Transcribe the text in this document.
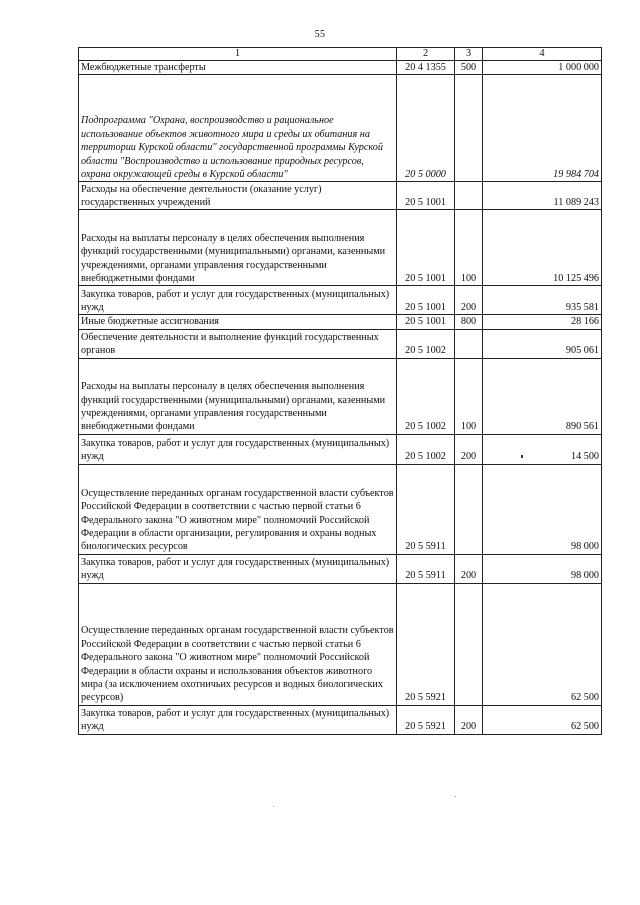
55
1	2	3	4
Межбюджетные трансферты	20 4 1355	500	1 000 000
Подпрограмма "Охрана, воспроизводство и рациональное использование объектов животного мира и среды их обитания на территории Курской области" государственной программы Курской области "Воспроизводство и использование природных ресурсов, охрана окружающей среды в Курской области"	20 5 0000		19 984 704
Расходы на обеспечение деятельности (оказание услуг) государственных учреждений	20 5 1001		11 089 243
Расходы на выплаты персоналу в целях обеспечения выполнения функций государственными (муниципальными) органами, казенными учреждениями, органами управления государственными внебюджетными фондами	20 5 1001	100	10 125 496
Закупка товаров, работ и услуг для государственных (муниципальных) нужд	20 5 1001	200	935 581
Иные бюджетные ассигнования	20 5 1001	800	28 166
Обеспечение деятельности и выполнение функций государственных органов	20 5 1002		905 061
Расходы на выплаты персоналу в целях обеспечения выполнения функций государственными (муниципальными) органами, казенными учреждениями, органами управления государственными внебюджетными фондами	20 5 1002	100	890 561
Закупка товаров, работ и услуг для государственных (муниципальных) нужд	20 5 1002	200	14 500
Осуществление переданных органам государственной власти субъектов Российской Федерации в соответствии с частью первой статьи 6 Федерального закона "О животном мире" полномочий Российской Федерации в области организации, регулирования и охраны водных биологических ресурсов	20 5 5911		98 000
Закупка товаров, работ и услуг для государственных (муниципальных) нужд	20 5 5911	200	98 000
Осуществление переданных органам государственной власти субъектов Российской Федерации в соответствии с частью первой статьи 6 Федерального закона "О животном мире" полномочий Российской Федерации в области охраны и использования объектов животного мира (за исключением охотничьих ресурсов и водных биологических ресурсов)	20 5 5921		62 500
Закупка товаров, работ и услуг для государственных (муниципальных) нужд	20 5 5921	200	62 500
